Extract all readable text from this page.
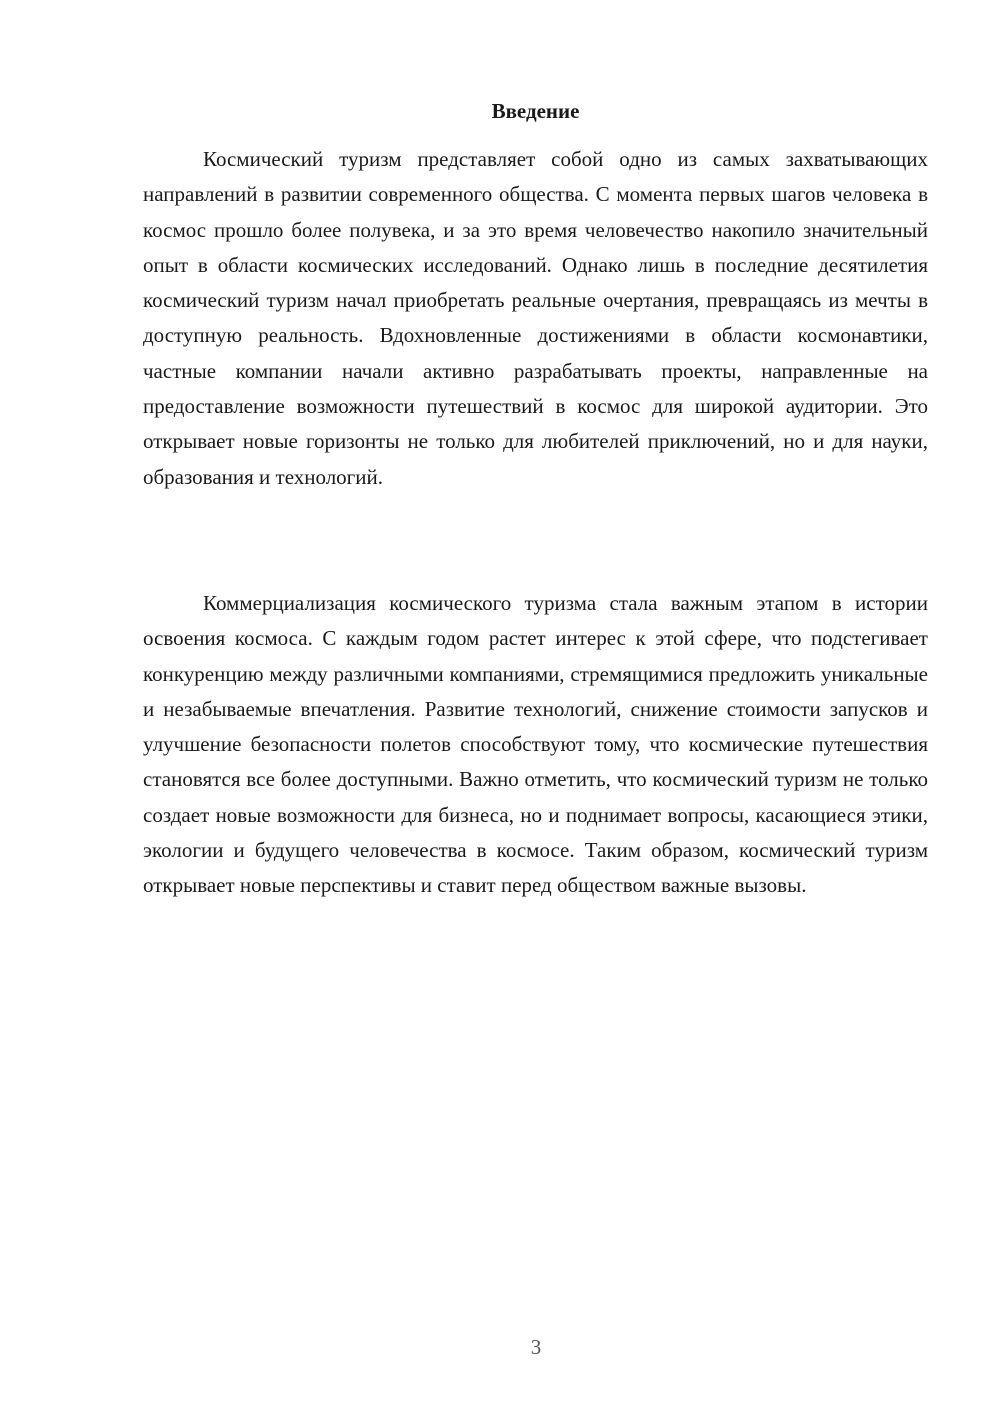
Введение

Космический туризм представляет собой одно из самых захватывающих направлений в развитии современного общества. С момента первых шагов человека в космос прошло более полувека, и за это время человечество накопило значительный опыт в области космических исследований. Однако лишь в последние десятилетия космический туризм начал приобретать реальные очертания, превращаясь из мечты в доступную реальность. Вдохновленные достижениями в области космонавтики, частные компании начали активно разрабатывать проекты, направленные на предоставление возможности путешествий в космос для широкой аудитории. Это открывает новые горизонты не только для любителей приключений, но и для науки, образования и технологий.

Коммерциализация космического туризма стала важным этапом в истории освоения космоса. С каждым годом растет интерес к этой сфере, что подстегивает конкуренцию между различными компаниями, стремящимися предложить уникальные и незабываемые впечатления. Развитие технологий, снижение стоимости запусков и улучшение безопасности полетов способствуют тому, что космические путешествия становятся все более доступными. Важно отметить, что космический туризм не только создает новые возможности для бизнеса, но и поднимает вопросы, касающиеся этики, экологии и будущего человечества в космосе. Таким образом, космический туризм открывает новые перспективы и ставит перед обществом важные вызовы.

3
